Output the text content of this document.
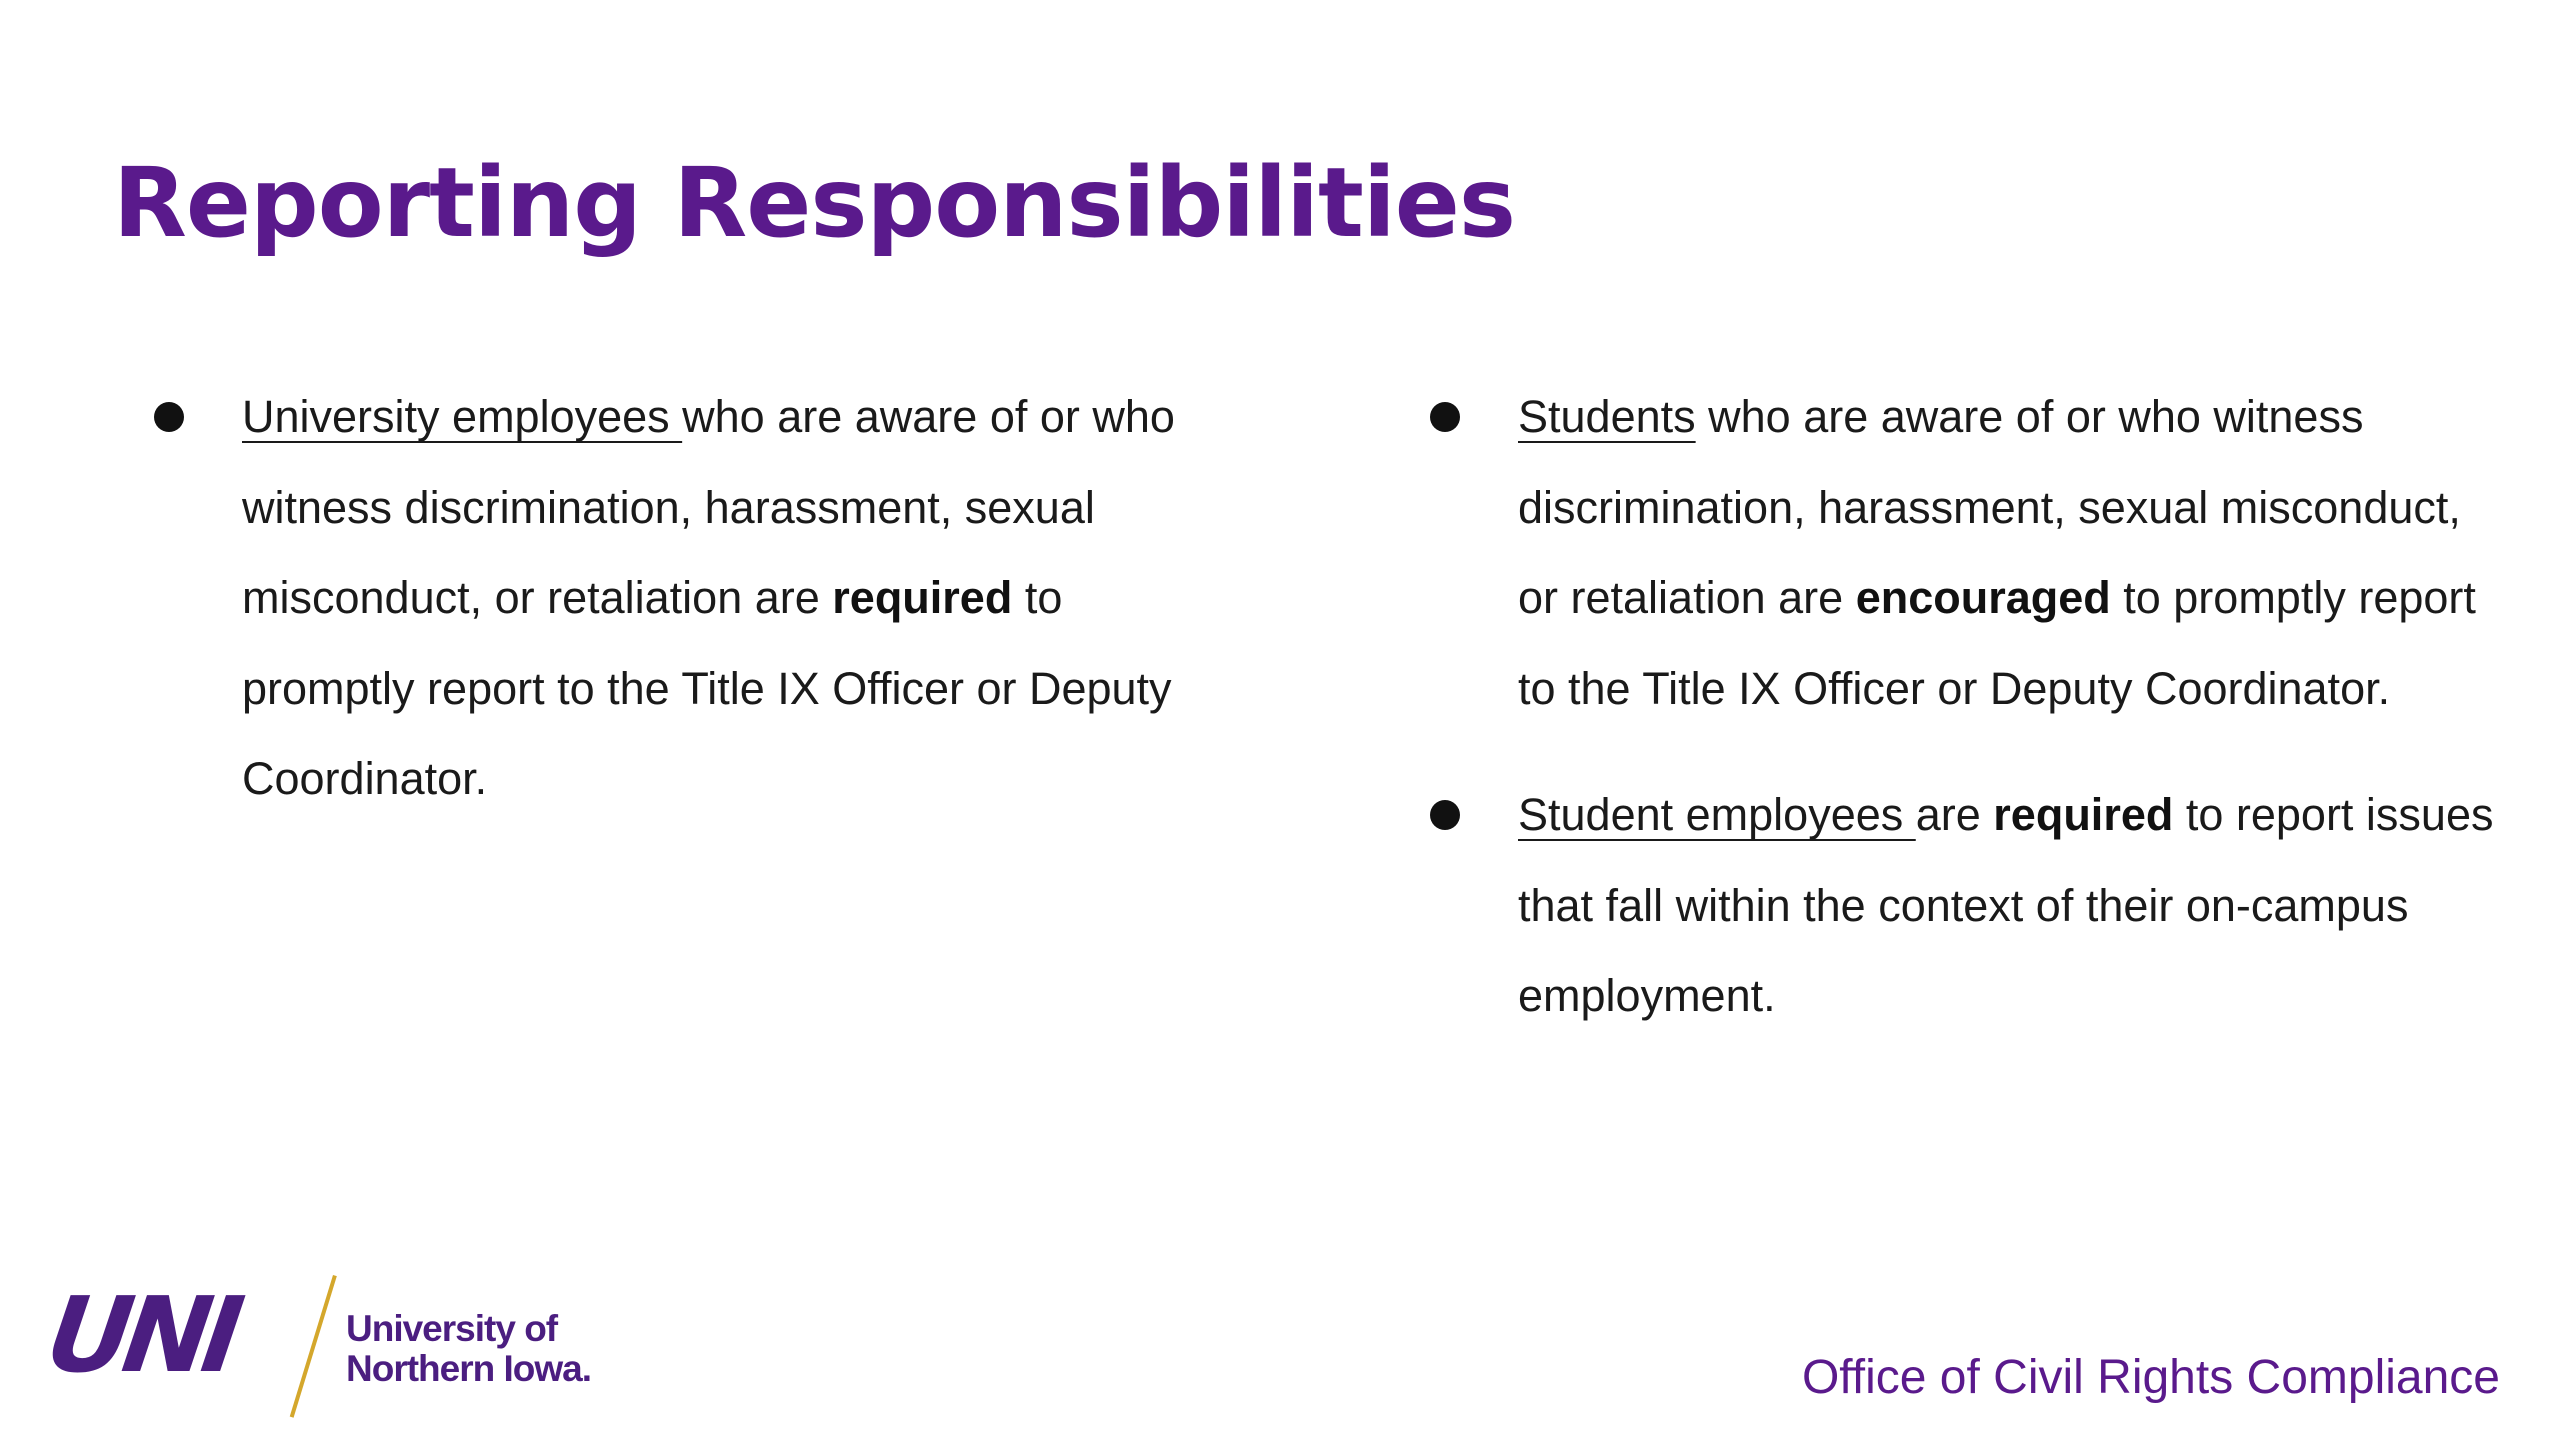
Reporting Responsibilities
University employees who are aware of or who witness discrimination, harassment, sexual misconduct, or retaliation are required to promptly report to the Title IX Officer or Deputy Coordinator.
Students who are aware of or who witness discrimination, harassment, sexual misconduct, or retaliation are encouraged to promptly report to the Title IX Officer or Deputy Coordinator.
Student employees are required to report issues that fall within the context of their on-campus employment.
UNI	University of
Northern Iowa.	Office of Civil Rights Compliance
